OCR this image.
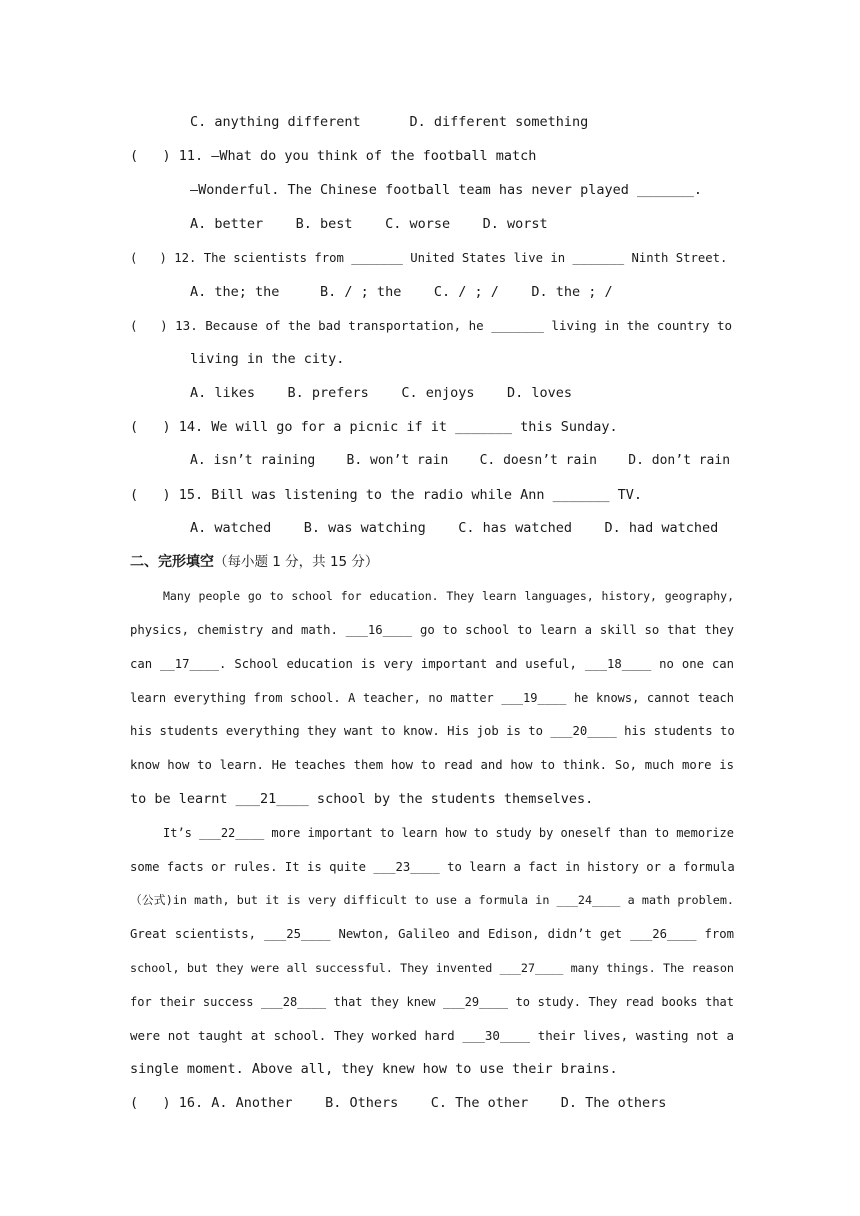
C. anything different      D. different something
(   ) 11. —What do you think of the football match
—Wonderful. The Chinese football team has never played _______.
A. better    B. best    C. worse    D. worst
(   ) 12. The scientists from _______ United States live in _______ Ninth Street.
A. the; the     B. / ; the    C. / ; /    D. the ; /
(   ) 13. Because of the bad transportation, he _______ living in the country to
living in the city.
A. likes    B. prefers    C. enjoys    D. loves
(   ) 14. We will go for a picnic if it _______ this Sunday.
A. isn’t raining    B. won’t rain    C. doesn’t rain    D. don’t rain
(   ) 15. Bill was listening to the radio while Ann _______ TV.
A. watched    B. was watching    C. has watched    D. had watched
二、完形填空（每小题 1 分，共 15 分）
Many people go to school for education. They learn languages, history, geography,
physics, chemistry and math. ___16____ go to school to learn a skill so that they
can __17____. School education is very important and useful, ___18____ no one can
learn everything from school. A teacher, no matter ___19____ he knows, cannot teach
his students everything they want to know. His job is to ___20____ his students to
know how to learn. He teaches them how to read and how to think. So, much more is
to be learnt ___21____ school by the students themselves.
It’s ___22____ more important to learn how to study by oneself than to memorize
some facts or rules. It is quite ___23____ to learn a fact in history or a formula
（公式)in math, but it is very difficult to use a formula in ___24____ a math problem.
Great scientists, ___25____ Newton, Galileo and Edison, didn’t get ___26____ from
school, but they were all successful. They invented ___27____ many things. The reason
for their success ___28____ that they knew ___29____ to study. They read books that
were not taught at school. They worked hard ___30____ their lives, wasting not a
single moment. Above all, they knew how to use their brains.
(   ) 16. A. Another    B. Others    C. The other    D. The others
